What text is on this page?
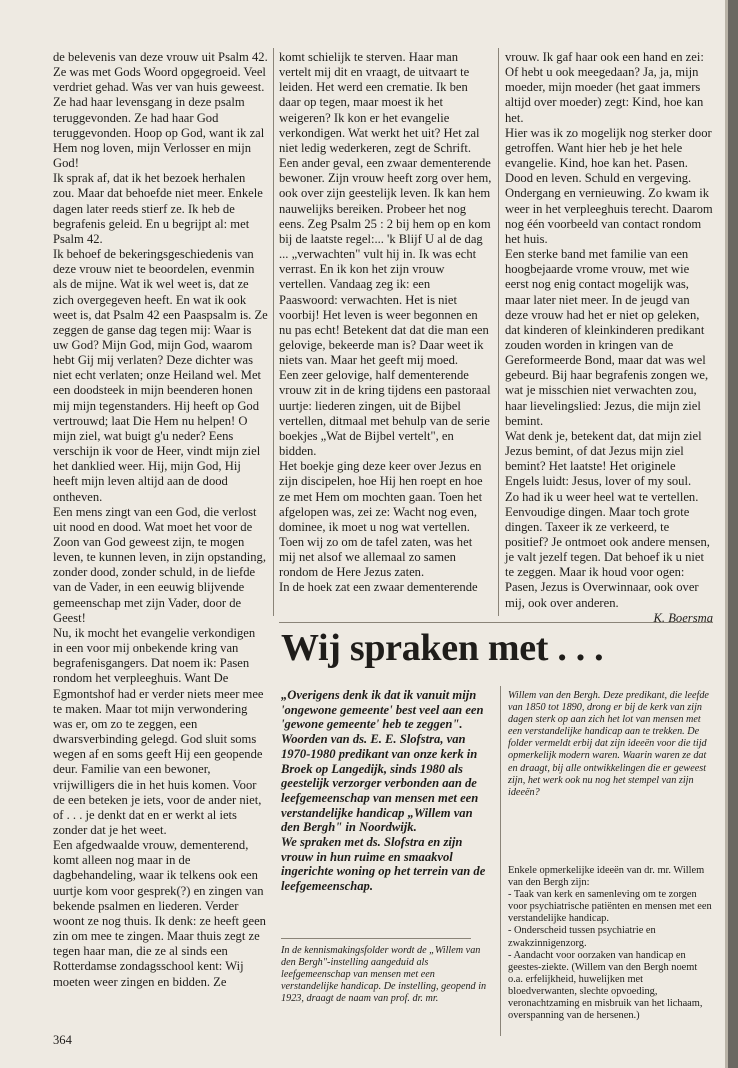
de belevenis van deze vrouw uit Psalm 42. Ze was met Gods Woord opgegroeid. Veel verdriet gehad. Was ver van huis geweest. Ze had haar levensgang in deze psalm teruggevonden. Ze had haar God teruggevonden. Hoop op God, want ik zal Hem nog loven, mijn Verlosser en mijn God!

Ik sprak af, dat ik het bezoek herhalen zou. Maar dat behoefde niet meer. Enkele dagen later reeds stierf ze. Ik heb de begrafenis geleid. En u begrijpt al: met Psalm 42.

Ik behoef de bekeringsgeschiedenis van deze vrouw niet te beoordelen, evenmin als de mijne. Wat ik wel weet is, dat ze zich overgegeven heeft. En wat ik ook weet is, dat Psalm 42 een Paaspsalm is. Ze zeggen de ganse dag tegen mij: Waar is uw God? Mijn God, mijn God, waarom hebt Gij mij verlaten? Deze dichter was niet echt verlaten; onze Heiland wel. Met een doodsteek in mijn beenderen honen mij mijn tegenstanders. Hij heeft op God vertrouwd; laat Die Hem nu helpen! O mijn ziel, wat buigt g'u neder? Eens verschijn ik voor de Heer, vindt mijn ziel het danklied weer. Hij, mijn God, Hij heeft mijn leven altijd aan de dood ontheven.

Een mens zingt van een God, die verlost uit nood en dood. Wat moet het voor de Zoon van God geweest zijn, te mogen leven, te kunnen leven, in zijn opstanding, zonder dood, zonder schuld, in de liefde van de Vader, in een eeuwig blijvende gemeenschap met zijn Vader, door de Geest!

Nu, ik mocht het evangelie verkondigen in een voor mij onbekende kring van begrafenisgangers. Dat noem ik: Pasen rondom het verpleeghuis. Want De Egmontshof had er verder niets meer mee te maken. Maar tot mijn verwondering was er, om zo te zeggen, een dwarsverbinding gelegd. God sluit soms wegen af en soms geeft Hij een geopende deur. Familie van een bewoner, vrijwilligers die in het huis komen. Voor de een beteken je iets, voor de ander niet, of . . . je denkt dat en er werkt al iets zonder dat je het weet.

Een afgedwaalde vrouw, dementerend, komt alleen nog maar in de dagbehandeling, waar ik telkens ook een uurtje kom voor gesprek(?) en zingen van bekende psalmen en liederen. Verder woont ze nog thuis. Ik denk: ze heeft geen zin om mee te zingen. Maar thuis zegt ze tegen haar man, die ze al sinds een Rotterdamse zondagsschool kent: Wij moeten weer zingen en bidden. Ze

komt schielijk te sterven. Haar man vertelt mij dit en vraagt, de uitvaart te leiden. Het werd een crematie. Ik ben daar op tegen, maar moest ik het weigeren? Ik kon er het evangelie verkondigen. Wat werkt het uit? Het zal niet ledig wederkeren, zegt de Schrift.

Een ander geval, een zwaar dementerende bewoner. Zijn vrouw heeft zorg over hem, ook over zijn geestelijk leven. Ik kan hem nauwelijks bereiken. Probeer het nog eens. Zeg Psalm 25 : 2 bij hem op en kom bij de laatste regel:... 'k Blijf U al de dag ... „verwachten" vult hij in. Ik was echt verrast. En ik kon het zijn vrouw vertellen. Vandaag zeg ik: een Paaswoord: verwachten. Het is niet voorbij! Het leven is weer begonnen en nu pas echt! Betekent dat dat die man een gelovige, bekeerde man is? Daar weet ik niets van. Maar het geeft mij moed.

Een zeer gelovige, half dementerende vrouw zit in de kring tijdens een pastoraal uurtje: liederen zingen, uit de Bijbel vertellen, ditmaal met behulp van de serie boekjes „Wat de Bijbel vertelt", en bidden.

Het boekje ging deze keer over Jezus en zijn discipelen, hoe Hij hen roept en hoe ze met Hem om mochten gaan. Toen het afgelopen was, zei ze: Wacht nog even, dominee, ik moet u nog wat vertellen.

Toen wij zo om de tafel zaten, was het mij net alsof we allemaal zo samen rondom de Here Jezus zaten.

In de hoek zat een zwaar dementerende

vrouw. Ik gaf haar ook een hand en zei: Of hebt u ook meegedaan? Ja, ja, mijn moeder, mijn moeder (het gaat immers altijd over moeder) zegt: Kind, hoe kan het.

Hier was ik zo mogelijk nog sterker door getroffen. Want hier heb je het hele evangelie. Kind, hoe kan het. Pasen. Dood en leven. Schuld en vergeving. Ondergang en vernieuwing. Zo kwam ik weer in het verpleeghuis terecht. Daarom nog één voorbeeld van contact rondom het huis.

Een sterke band met familie van een hoogbejaarde vrome vrouw, met wie eerst nog enig contact mogelijk was, maar later niet meer. In de jeugd van deze vrouw had het er niet op geleken, dat kinderen of kleinkinderen predikant zouden worden in kringen van de Gereformeerde Bond, maar dat was wel gebeurd. Bij haar begrafenis zongen we, wat je misschien niet verwachten zou, haar lievelingslied: Jezus, die mijn ziel bemint.

Wat denk je, betekent dat, dat mijn ziel Jezus bemint, of dat Jezus mijn ziel bemint? Het laatste! Het originele Engels luidt: Jesus, lover of my soul.

Zo had ik u weer heel wat te vertellen. Eenvoudige dingen. Maar toch grote dingen. Taxeer ik ze verkeerd, te positief? Je ontmoet ook andere mensen, je valt jezelf tegen. Dat behoef ik u niet te zeggen. Maar ik houd voor ogen: Pasen, Jezus is Overwinnaar, ook over mij, ook over anderen.

K. Boersma

Wij spraken met . . .

„Overigens denk ik dat ik vanuit mijn 'ongewone gemeente' best veel aan een 'gewone gemeente' heb te zeggen".

Woorden van ds. E. E. Slofstra, van 1970-1980 predikant van onze kerk in Broek op Langedijk, sinds 1980 als geestelijk verzorger verbonden aan de leefgemeenschap van mensen met een verstandelijke handicap „Willem van den Bergh" in Noordwijk.

We spraken met ds. Slofstra en zijn vrouw in hun ruime en smaakvol ingerichte woning op het terrein van de leefgemeenschap.

In de kennismakingsfolder wordt de „Willem van den Bergh"-instelling aangeduid als leefgemeenschap van mensen met een verstandelijke handicap. De instelling, geopend in 1923, draagt de naam van prof. dr. mr.
Willem van den Bergh. Deze predikant, die leefde van 1850 tot 1890, drong er bij de kerk van zijn dagen sterk op aan zich het lot van mensen met een verstandelijke handicap aan te trekken. De folder vermeldt erbij dat zijn ideeën voor die tijd opmerkelijk modern waren. Waarin waren ze dat en draagt, bij alle ontwikkelingen die er geweest zijn, het werk ook nu nog het stempel van zijn ideeën?

Enkele opmerkelijke ideeën van dr. mr. Willem van den Bergh zijn:

- Taak van kerk en samenleving om te zorgen voor psychiatrische patiënten en mensen met een verstandelijke handicap.

- Onderscheid tussen psychiatrie en zwakzinnigenzorg.

- Aandacht voor oorzaken van handicap en geestes-ziekte. (Willem van den Bergh noemt o.a. erfelijkheid, huwelijken met bloedverwanten, slechte opvoeding, veronachtzaming en misbruik van het lichaam, overspanning van de hersenen.)

364
